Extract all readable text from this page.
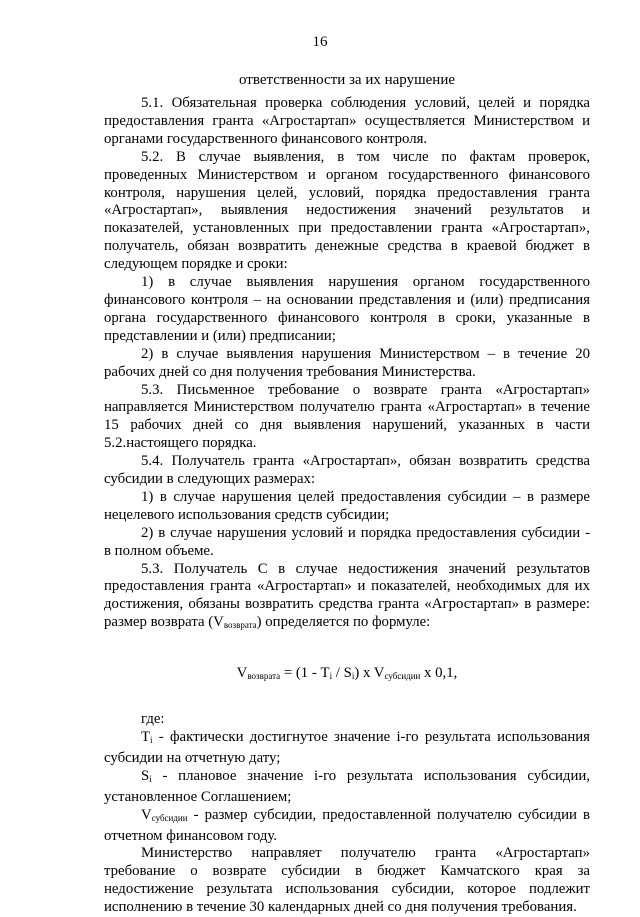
16
ответственности за их нарушение

5.1. Обязательная проверка соблюдения условий, целей и порядка предоставления гранта «Агростартап» осуществляется Министерством и органами государственного финансового контроля.

5.2. В случае выявления, в том числе по фактам проверок, проведенных Министерством и органом государственного финансового контроля, нарушения целей, условий, порядка предоставления гранта «Агростартап», выявления недостижения значений результатов и показателей, установленных при предоставлении гранта «Агростартап», получатель, обязан возвратить денежные средства в краевой бюджет в следующем порядке и сроки:

1) в случае выявления нарушения органом государственного финансового контроля – на основании представления и (или) предписания органа государственного финансового контроля в сроки, указанные в представлении и (или) предписании;

2) в случае выявления нарушения Министерством – в течение 20 рабочих дней со дня получения требования Министерства.

5.3. Письменное требование о возврате гранта «Агростартап» направляется Министерством получателю гранта «Агростартап» в течение 15 рабочих дней со дня выявления нарушений, указанных в части 5.2.настоящего порядка.

5.4. Получатель гранта «Агростартап», обязан возвратить средства субсидии в следующих размерах:

1) в случае нарушения целей предоставления субсидии – в размере нецелевого использования средств субсидии;

2) в случае нарушения условий и порядка предоставления субсидии - в полном объеме.

5.3. Получатель С в случае недостижения значений результатов предоставления гранта «Агростартап» и показателей, необходимых для их достижения, обязаны возвратить средства гранта «Агростартап» в размере: размер возврата $(V_{возврата})$ определяется по формуле:

$V_{возврата} = (1 - T_i / S_i)$ x $V_{субсидии}$ x 0,1,

где:

$T_i$ - фактически достигнутое значение i-го результата использования субсидии на отчетную дату;

$S_i$ - плановое значение i-го результата использования субсидии, установленное Соглашением;

$V_{субсидии}$ - размер субсидии, предоставленной получателю субсидии в отчетном финансовом году.

Министерство направляет получателю гранта «Агростартап» требование о возврате субсидии в бюджет Камчатского края за недостижение результата использования субсидии, которое подлежит исполнению в течение 30 календарных дней со дня получения требования.
